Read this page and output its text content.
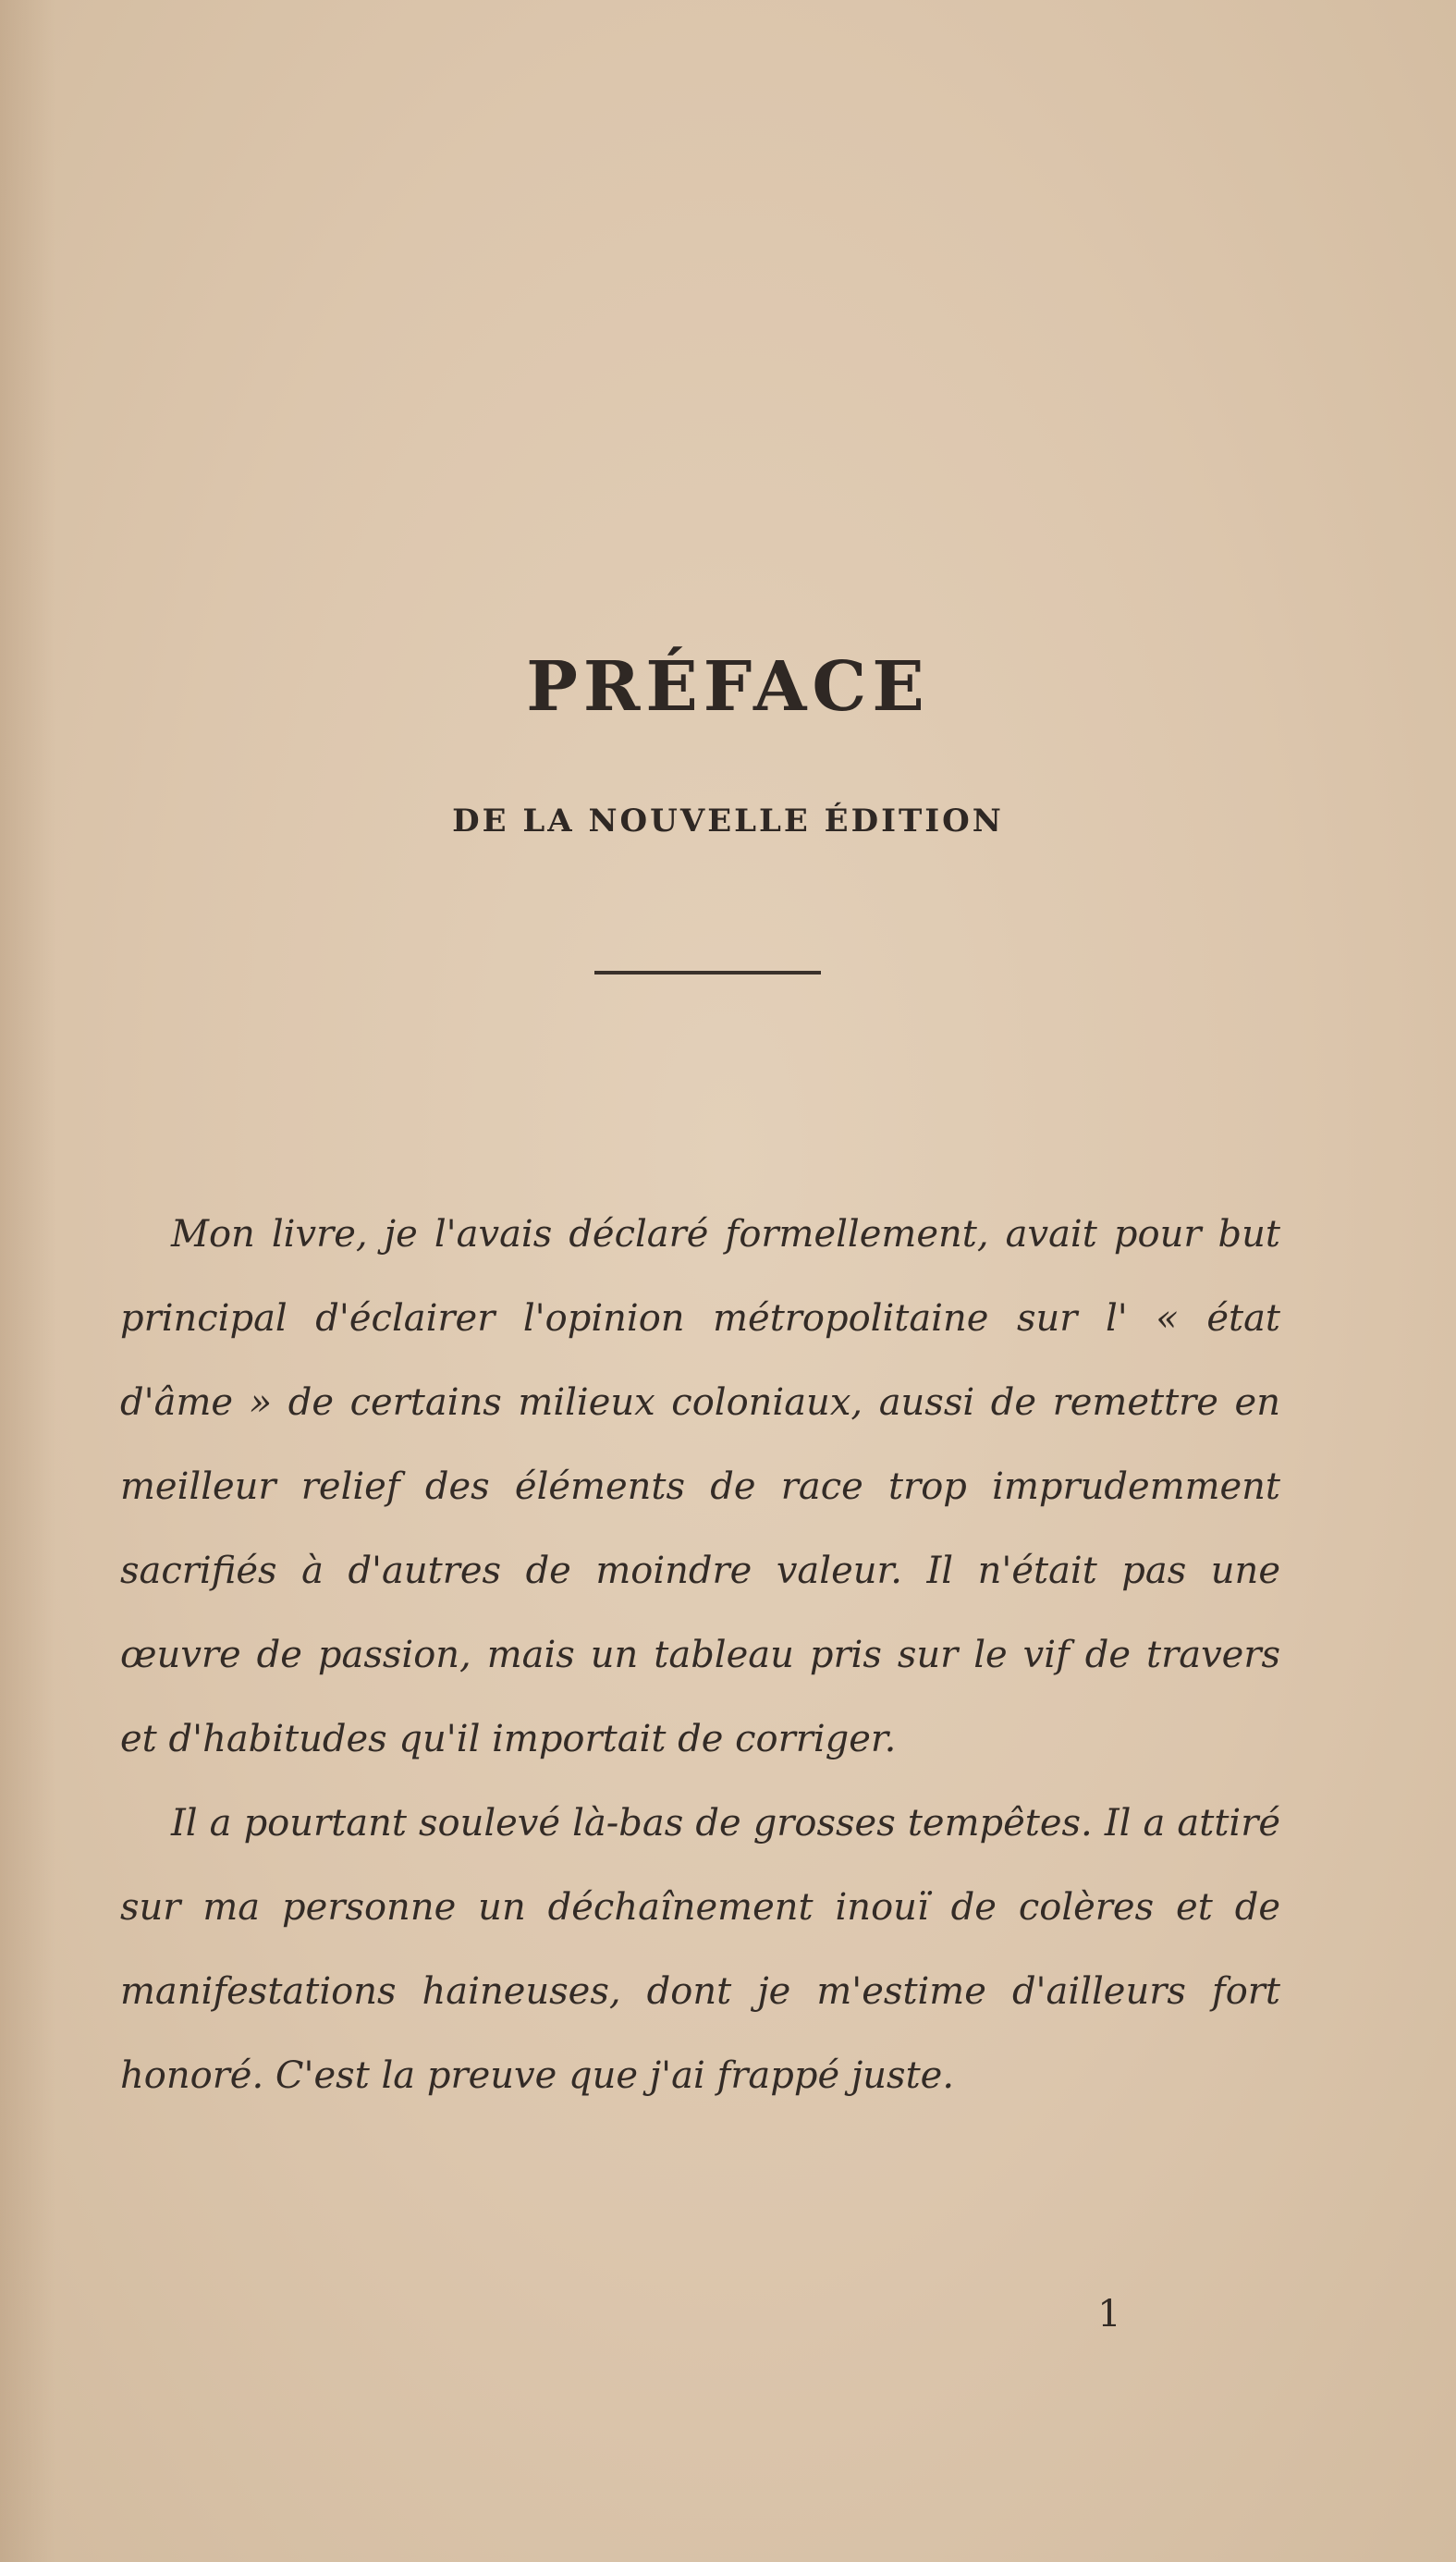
PRÉFACE
DE LA NOUVELLE ÉDITION

Mon livre, je l'avais déclaré formellement, avait pour but principal d'éclairer l'opinion métropolitaine sur l' « état d'âme » de certains milieux coloniaux, aussi de remettre en meilleur relief des éléments de race trop imprudemment sacrifiés à d'autres de moindre valeur. Il n'était pas une œuvre de passion, mais un tableau pris sur le vif de travers et d'habitudes qu'il importait de corriger.

Il a pourtant soulevé là-bas de grosses tempêtes. Il a attiré sur ma personne un déchaînement inouï de colères et de manifestations haineuses, dont je m'estime d'ailleurs fort honoré. C'est la preuve que j'ai frappé juste.

1
